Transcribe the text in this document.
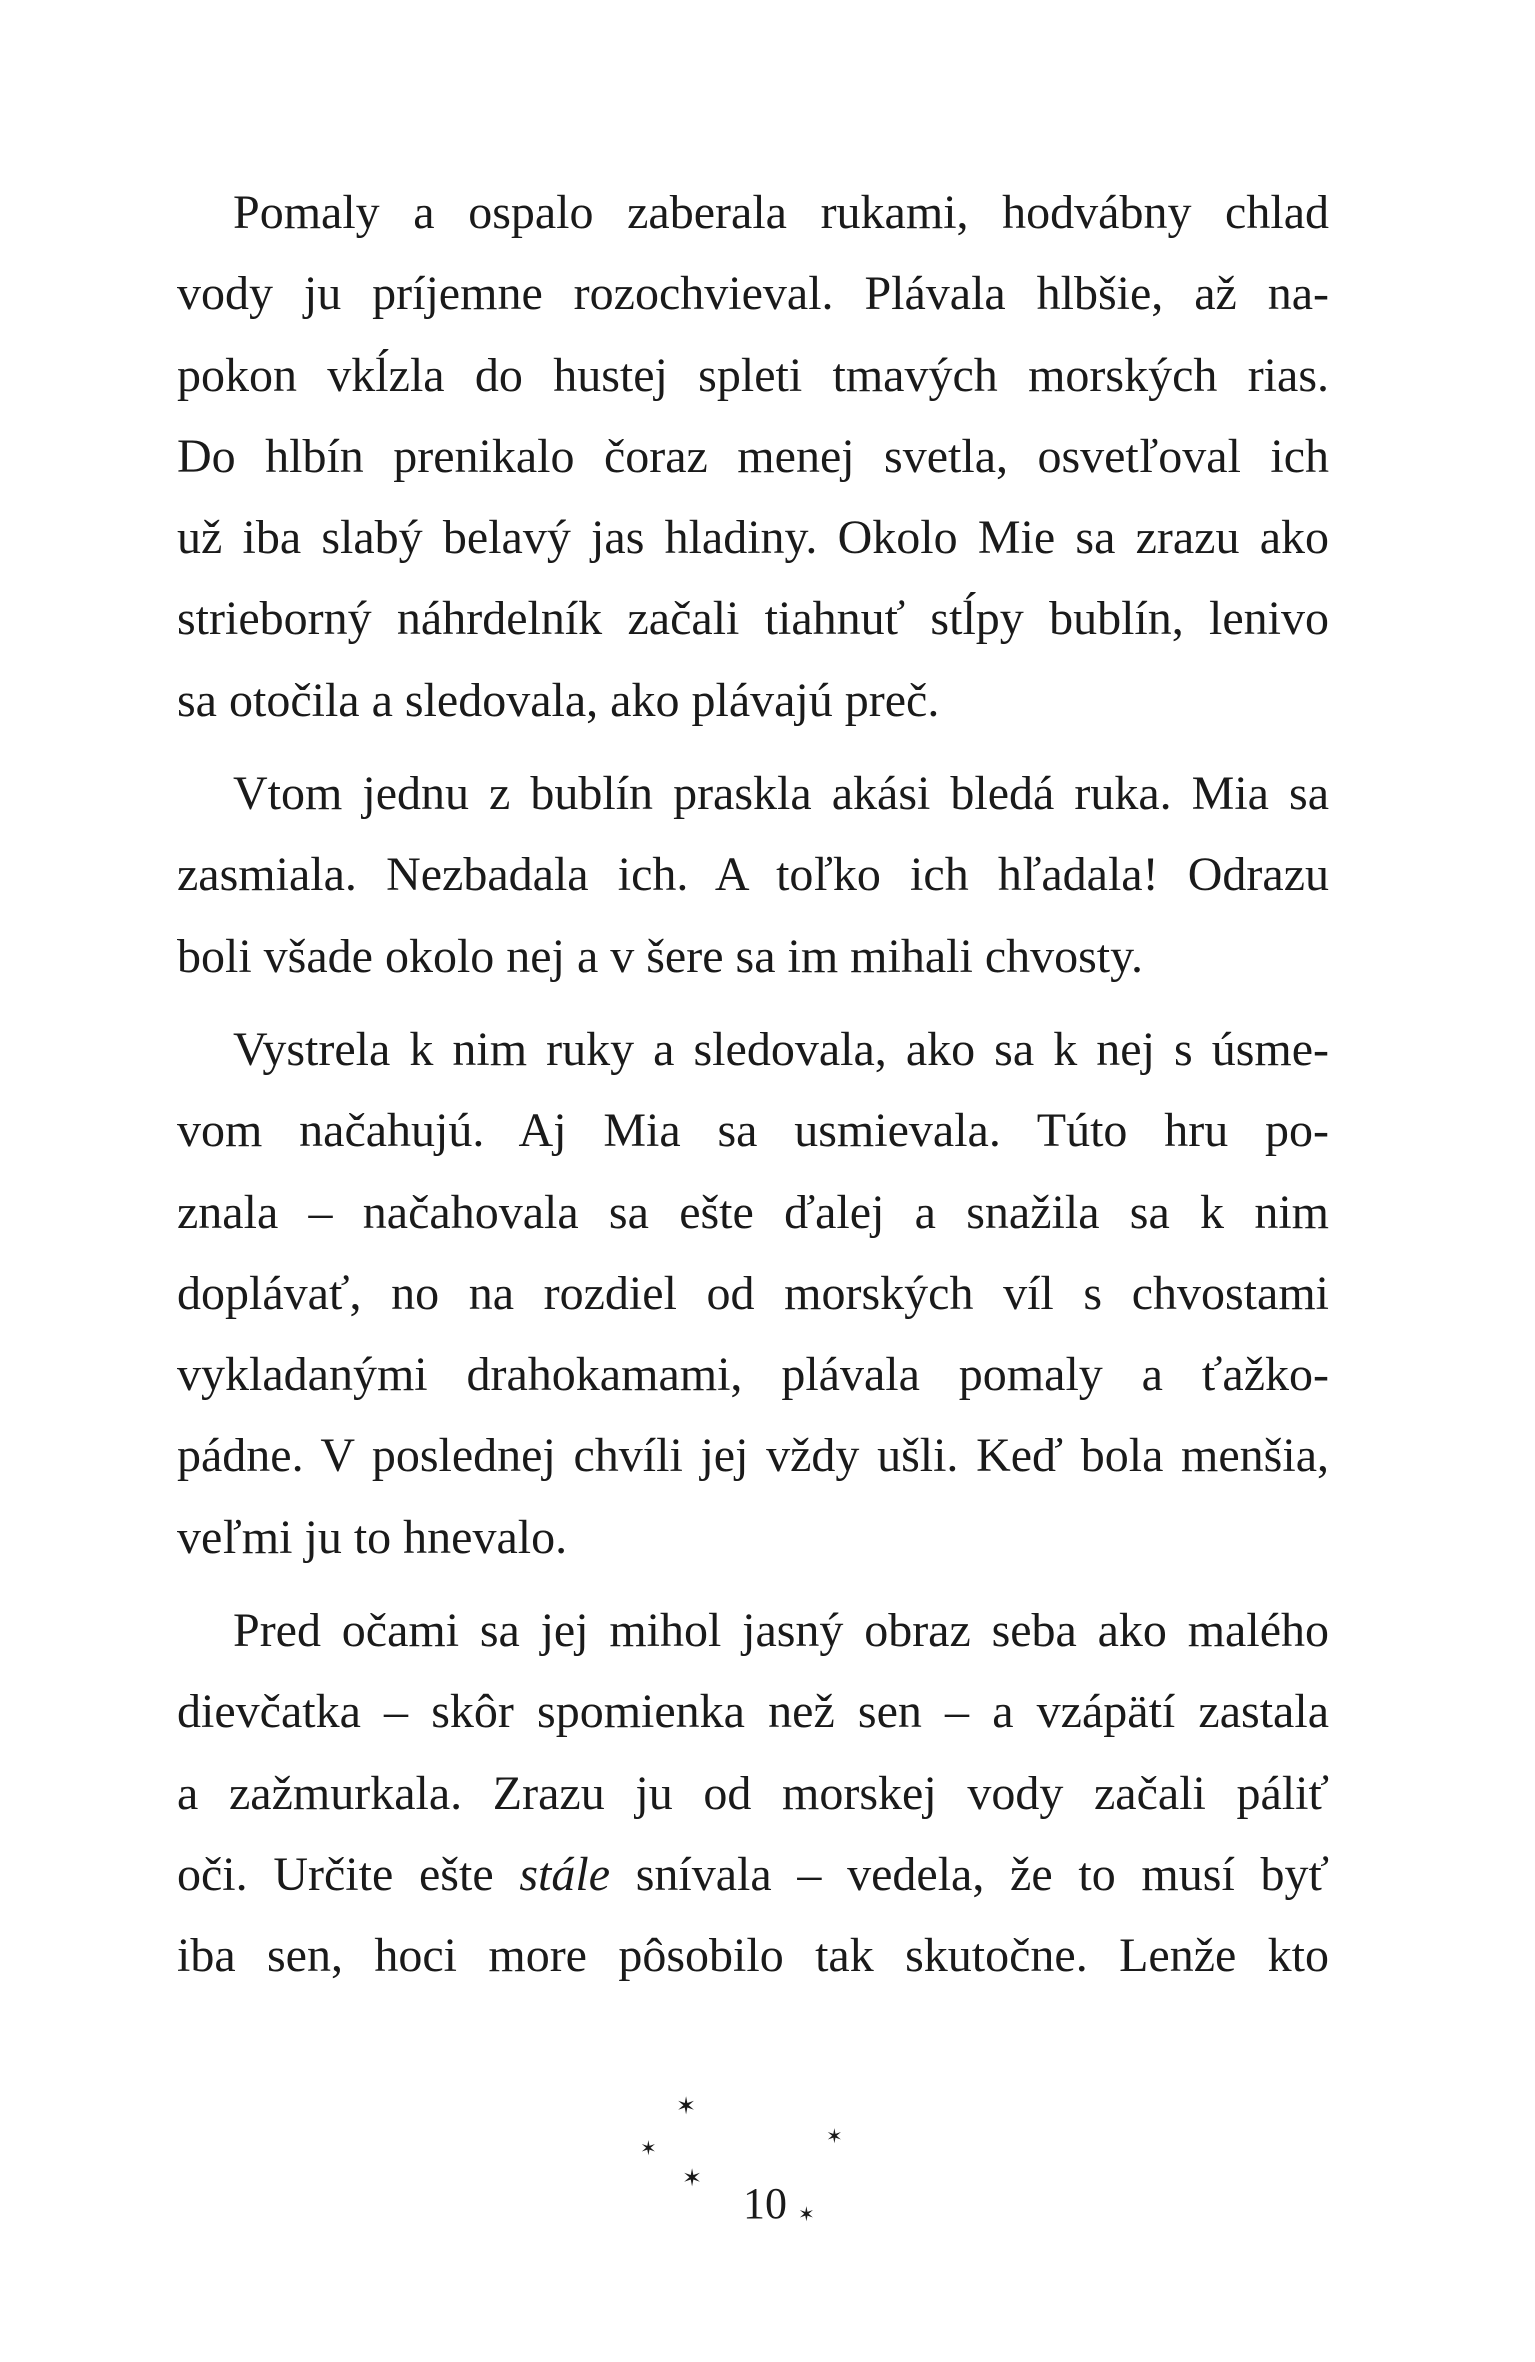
Pomaly a ospalo zaberala rukami, hodvábny chlad
vody ju príjemne rozochvieval. Plávala hlbšie, až na-
pokon vkĺzla do hustej spleti tmavých morských rias.
Do hlbín prenikalo čoraz menej svetla, osvetľoval ich
už iba slabý belavý jas hladiny. Okolo Mie sa zrazu ako
strieborný náhrdelník začali tiahnuť stĺpy bublín, lenivo
sa otočila a sledovala, ako plávajú preč.

Vtom jednu z bublín praskla akási bledá ruka. Mia sa
zasmiala. Nezbadala ich. A toľko ich hľadala! Odrazu
boli všade okolo nej a v šere sa im mihali chvosty.

Vystrela k nim ruky a sledovala, ako sa k nej s úsme-
vom načahujú. Aj Mia sa usmievala. Túto hru po-
znala – načahovala sa ešte ďalej a snažila sa k nim
doplávať, no na rozdiel od morských víl s chvostami
vykladanými drahokamami, plávala pomaly a ťažko-
pádne. V poslednej chvíli jej vždy ušli. Keď bola menšia,
veľmi ju to hnevalo.

Pred očami sa jej mihol jasný obraz seba ako malého
dievčatka – skôr spomienka než sen – a vzápätí zastala
a zažmurkala. Zrazu ju od morskej vody začali páliť
oči. Určite ešte stále snívala – vedela, že to musí byť
iba sen, hoci more pôsobilo tak skutočne. Lenže kto

✶
✶
✶
✶
✶
10
